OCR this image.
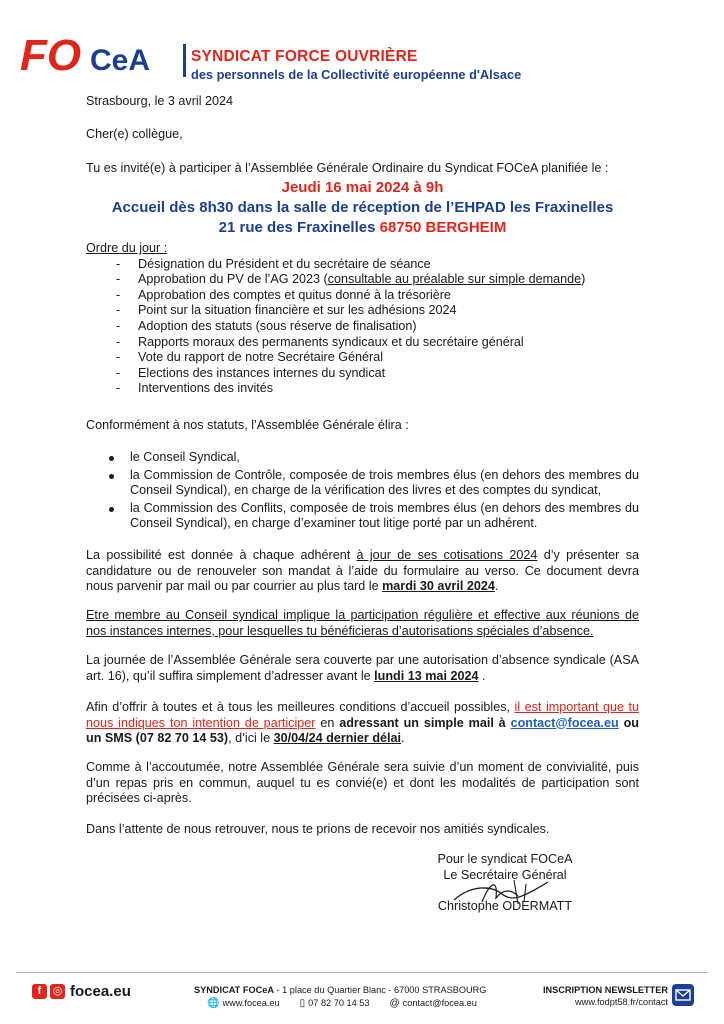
FO CeA	SYNDICAT FORCE OUVRIÈRE
des personnels de la Collectivité européenne d'Alsace
Strasbourg, le 3 avril 2024
Cher(e) collègue,
Tu es invité(e) à participer à l’Assemblée Générale Ordinaire du Syndicat FOCeA planifiée le :
Jeudi 16 mai 2024 à 9h
Accueil dès 8h30 dans la salle de réception de l’EHPAD les Fraxinelles
21 rue des Fraxinelles 68750 BERGHEIM
Ordre du jour :
- Désignation du Président et du secrétaire de séance
- Approbation du PV de l’AG 2023 (consultable au préalable sur simple demande)
- Approbation des comptes et quitus donné à la trésorière
- Point sur la situation financière et sur les adhésions 2024
- Adoption des statuts (sous réserve de finalisation)
- Rapports moraux des permanents syndicaux et du secrétaire général
- Vote du rapport de notre Secrétaire Général
- Elections des instances internes du syndicat
- Interventions des invités
Conformément à nos statuts, l’Assemblée Générale élira :
le Conseil Syndical,
la Commission de Contrôle, composée de trois membres élus (en dehors des membres du Conseil Syndical), en charge de la vérification des livres et des comptes du syndicat,
la Commission des Conflits, composée de trois membres élus (en dehors des membres du Conseil Syndical), en charge d’examiner tout litige porté par un adhérent.
La possibilité est donnée à chaque adhérent à jour de ses cotisations 2024 d’y présenter sa candidature ou de renouveler son mandat à l’aide du formulaire au verso. Ce document devra nous parvenir par mail ou par courrier au plus tard le mardi 30 avril 2024.
Etre membre au Conseil syndical implique la participation régulière et effective aux réunions de nos instances internes, pour lesquelles tu bénéficieras d’autorisations spéciales d’absence.
La journée de l’Assemblée Générale sera couverte par une autorisation d’absence syndicale (ASA art. 16), qu’il suffira simplement d’adresser avant le lundi 13 mai 2024 .
Afin d’offrir à toutes et à tous les meilleures conditions d’accueil possibles, il est important que tu nous indiques ton intention de participer en adressant un simple mail à contact@focea.eu ou un SMS (07 82 70 14 53), d’ici le 30/04/24 dernier délai.
Comme à l’accoutumée, notre Assemblée Générale sera suivie d’un moment de convivialité, puis d’un repas pris en commun, auquel tu es convié(e) et dont les modalités de participation sont précisées ci-après.
Dans l’attente de nous retrouver, nous te prions de recevoir nos amitiés syndicales.
Pour le syndicat FOCeA
Le Secrétaire Général
Christophe ODERMATT
f	◎ focea.eu	SYNDICAT FOCeA - 1 place du Quartier Blanc - 67000 STRASBOURG
🌐 www.focea.eu ▯ 07 82 70 14 53 @ contact@focea.eu
INSCRIPTION NEWSLETTER
www.fodpt58.fr/contact
